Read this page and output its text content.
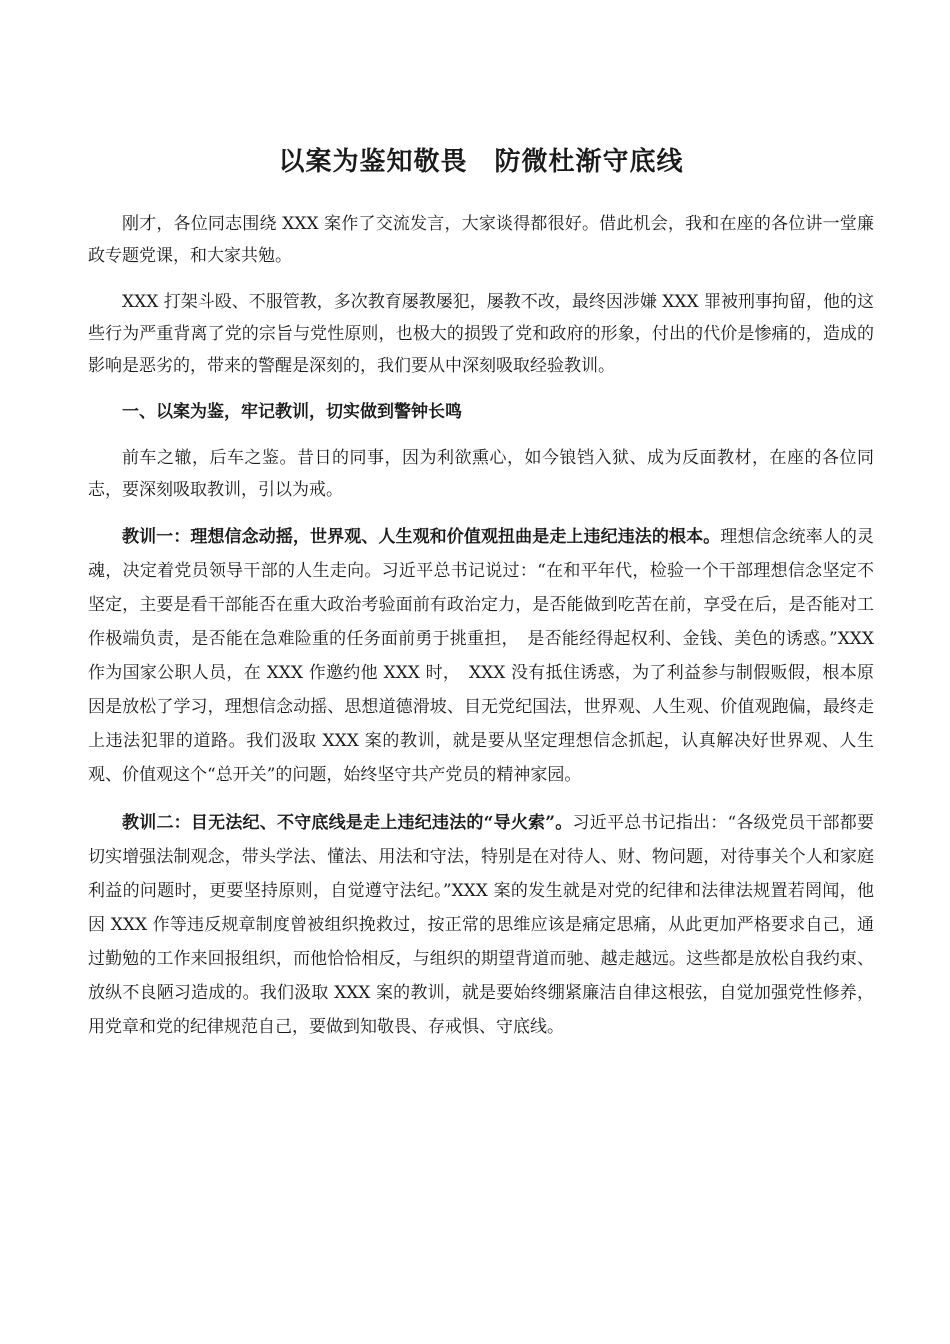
以案为鉴知敬畏　防微杜渐守底线

刚才，各位同志围绕 XXX 案作了交流发言，大家谈得都很好。借此机会，我和在座的各位讲一堂廉政专题党课，和大家共勉。

XXX 打架斗殴、不服管教，多次教育屡教屡犯，屡教不改，最终因涉嫌 XXX 罪被刑事拘留，他的这些行为严重背离了党的宗旨与党性原则，也极大的损毁了党和政府的形象，付出的代价是惨痛的，造成的影响是恶劣的，带来的警醒是深刻的，我们要从中深刻吸取经验教训。

一、以案为鉴，牢记教训，切实做到警钟长鸣

前车之辙，后车之鉴。昔日的同事，因为利欲熏心，如今锒铛入狱、成为反面教材，在座的各位同志，要深刻吸取教训，引以为戒。

教训一：理想信念动摇，世界观、人生观和价值观扭曲是走上违纪违法的根本。理想信念统率人的灵魂，决定着党员领导干部的人生走向。习近平总书记说过：“在和平年代，检验一个干部理想信念坚定不坚定，主要是看干部能否在重大政治考验面前有政治定力，是否能做到吃苦在前，享受在后，是否能对工作极端负责，是否能在急难险重的任务面前勇于挑重担，　是否能经得起权利、金钱、美色的诱惑。”XXX 作为国家公职人员，在 XXX 作邀约他 XXX 时，　XXX 没有抵住诱惑，为了利益参与制假贩假，根本原因是放松了学习，理想信念动摇、思想道德滑坡、目无党纪国法，世界观、人生观、价值观跑偏，最终走上违法犯罪的道路。我们汲取 XXX 案的教训，就是要从坚定理想信念抓起，认真解决好世界观、人生观、价值观这个“总开关”的问题，始终坚守共产党员的精神家园。

教训二：目无法纪、不守底线是走上违纪违法的“导火索”。习近平总书记指出：“各级党员干部都要切实增强法制观念，带头学法、懂法、用法和守法，特别是在对待人、财、物问题，对待事关个人和家庭利益的问题时，更要坚持原则，自觉遵守法纪。”XXX 案的发生就是对党的纪律和法律法规置若罔闻，他因 XXX 作等违反规章制度曾被组织挽救过，按正常的思维应该是痛定思痛，从此更加严格要求自己，通过勤勉的工作来回报组织，而他恰恰相反，与组织的期望背道而驰、越走越远。这些都是放松自我约束、放纵不良陋习造成的。我们汲取 XXX 案的教训，就是要始终绷紧廉洁自律这根弦，自觉加强党性修养，用党章和党的纪律规范自己，要做到知敬畏、存戒惧、守底线。
